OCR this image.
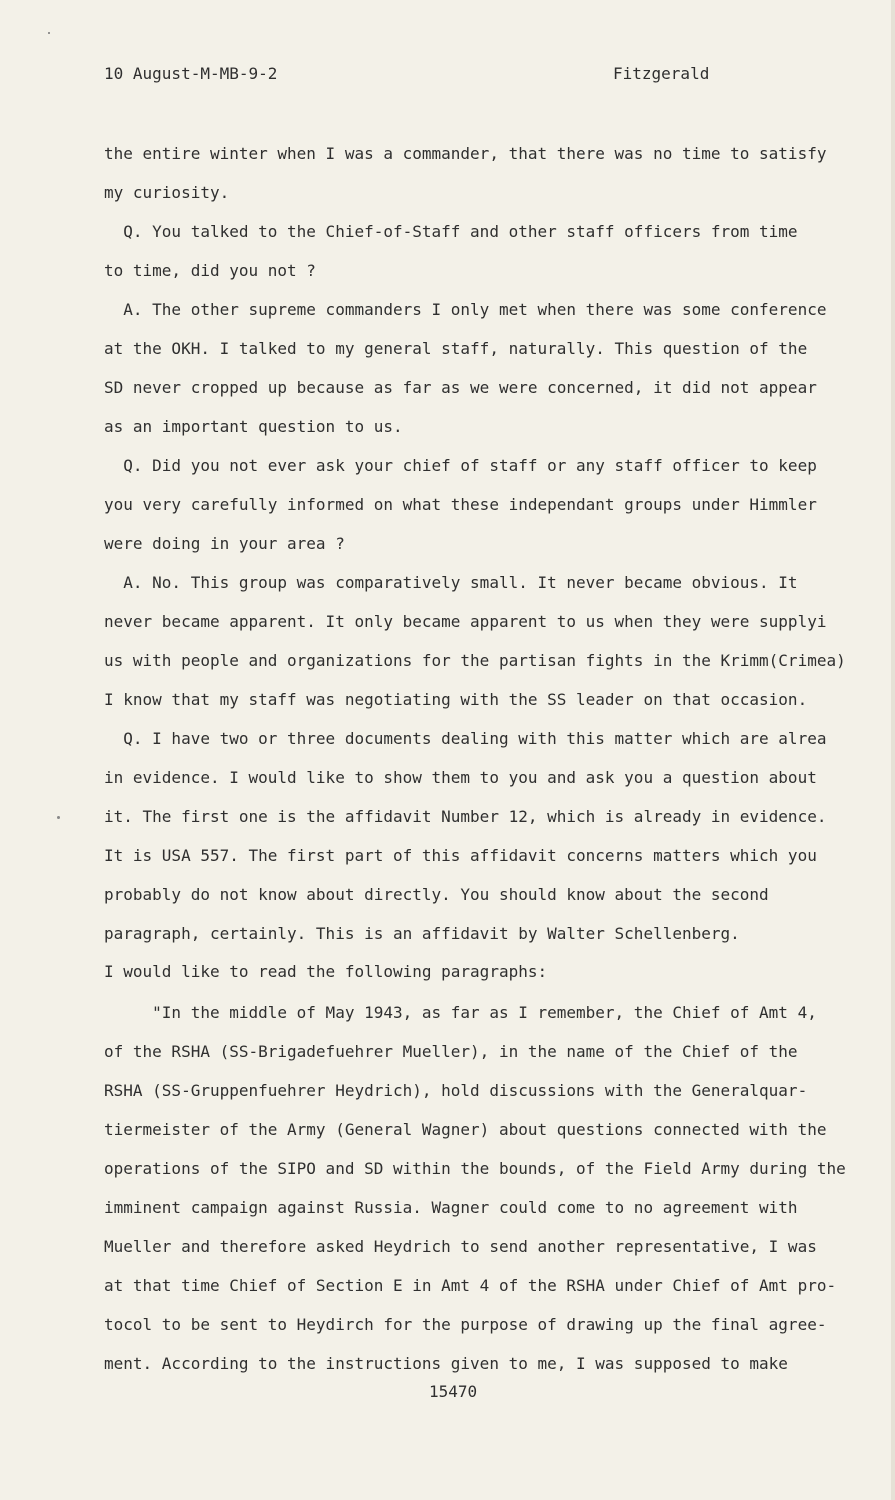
10 August-M-MB-9-2	Fitzgerald
the entire winter when I was a commander, that there was no time to satisfy
my curiosity.
Q. You talked to the Chief-of-Staff and other staff officers from time
to time, did you not ?
A. The other supreme commanders I only met when there was some conference
at the OKH. I talked to my general staff, naturally. This question of the
SD never cropped up because as far as we were concerned, it did not appear
as an important question to us.
Q. Did you not ever ask your chief of staff or any staff officer to keep
you very carefully informed on what these independant groups under Himmler
were doing in your area ?
A. No. This group was comparatively small. It never became obvious. It
never became apparent. It only became apparent to us when they were supplyi
us with people and organizations for the partisan fights in the Krimm(Crimea)
I know that my staff was negotiating with the SS leader on that occasion.
Q. I have two or three documents dealing with this matter which are alrea
in evidence. I would like to show them to you and ask you a question about
it. The first one is the affidavit Number 12, which is already in evidence.
It is USA 557. The first part of this affidavit concerns matters which you
probably do not know about directly. You should know about the second
paragraph, certainly. This is an affidavit by Walter Schellenberg.
I would like to read the following paragraphs:
"In the middle of May 1943, as far as I remember, the Chief of Amt 4,
of the RSHA (SS-Brigadefuehrer Mueller), in the name of the Chief of the
RSHA (SS-Gruppenfuehrer Heydrich), hold discussions with the Generalquar-
tiermeister of the Army (General Wagner) about questions connected with the
operations of the SIPO and SD within the bounds, of the Field Army during the
imminent campaign against Russia. Wagner could come to no agreement with
Mueller and therefore asked Heydrich to send another representative, I was
at that time Chief of Section E in Amt 4 of the RSHA under Chief of Amt pro-
tocol to be sent to Heydirch for the purpose of drawing up the final agree-
ment. According to the instructions given to me, I was supposed to make
15470
